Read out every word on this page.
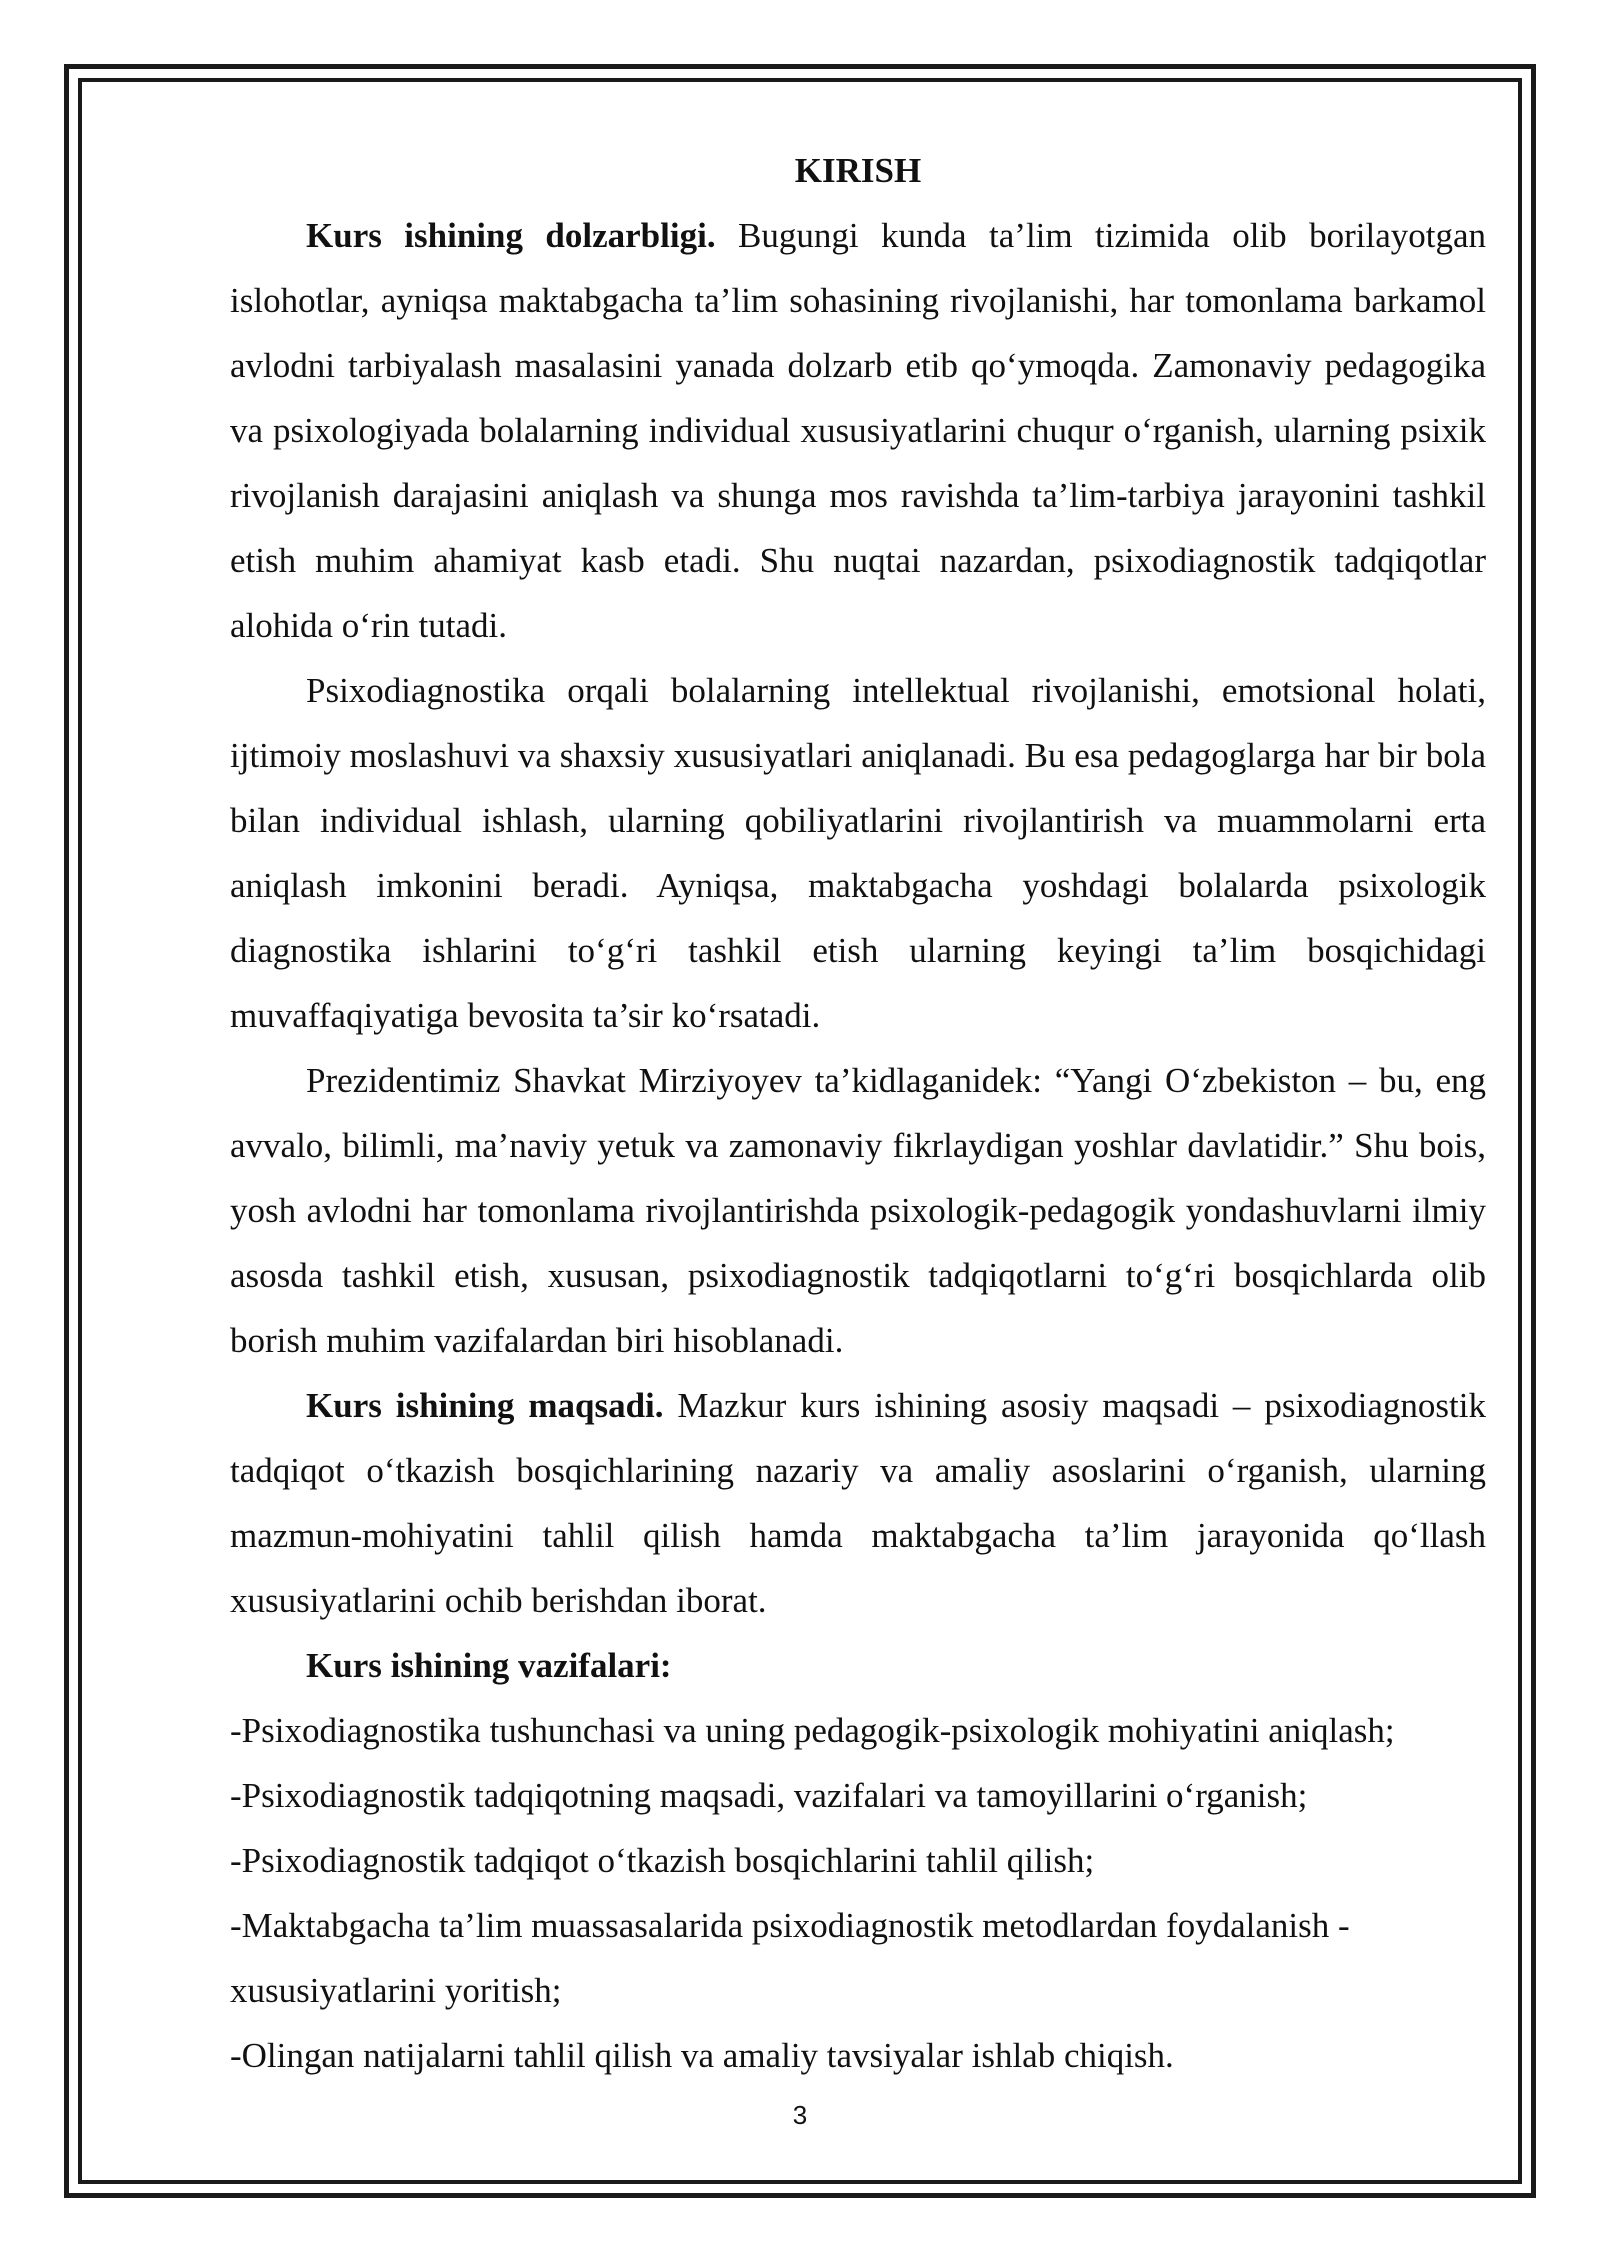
KIRISH

Kurs ishining dolzarbligi. Bugungi kunda ta’lim tizimida olib borilayotgan islohotlar, ayniqsa maktabgacha ta’lim sohasining rivojlanishi, har tomonlama barkamol avlodni tarbiyalash masalasini yanada dolzarb etib qo‘ymoqda. Zamonaviy pedagogika va psixologiyada bolalarning individual xususiyatlarini chuqur o‘rganish, ularning psixik rivojlanish darajasini aniqlash va shunga mos ravishda ta’lim-tarbiya jarayonini tashkil etish muhim ahamiyat kasb etadi. Shu nuqtai nazardan, psixodiagnostik tadqiqotlar alohida o‘rin tutadi.

Psixodiagnostika orqali bolalarning intellektual rivojlanishi, emotsional holati, ijtimoiy moslashuvi va shaxsiy xususiyatlari aniqlanadi. Bu esa pedagoglarga har bir bola bilan individual ishlash, ularning qobiliyatlarini rivojlantirish va muammolarni erta aniqlash imkonini beradi. Ayniqsa, maktabgacha yoshdagi bolalarda psixologik diagnostika ishlarini to‘g‘ri tashkil etish ularning keyingi ta’lim bosqichidagi muvaffaqiyatiga bevosita ta’sir ko‘rsatadi.

Prezidentimiz Shavkat Mirziyoyev ta’kidlaganidek: “Yangi O‘zbekiston – bu, eng avvalo, bilimli, ma’naviy yetuk va zamonaviy fikrlaydigan yoshlar davlatidir.” Shu bois, yosh avlodni har tomonlama rivojlantirishda psixologik-pedagogik yondashuvlarni ilmiy asosda tashkil etish, xususan, psixodiagnostik tadqiqotlarni to‘g‘ri bosqichlarda olib borish muhim vazifalardan biri hisoblanadi.

Kurs ishining maqsadi. Mazkur kurs ishining asosiy maqsadi – psixodiagnostik tadqiqot o‘tkazish bosqichlarining nazariy va amaliy asoslarini o‘rganish, ularning mazmun-mohiyatini tahlil qilish hamda maktabgacha ta’lim jarayonida qo‘llash xususiyatlarini ochib berishdan iborat.

Kurs ishining vazifalari:

-Psixodiagnostika tushunchasi va uning pedagogik-psixologik mohiyatini aniqlash;
-Psixodiagnostik tadqiqotning maqsadi, vazifalari va tamoyillarini o‘rganish;
-Psixodiagnostik tadqiqot o‘tkazish bosqichlarini tahlil qilish;
-Maktabgacha ta’lim muassasalarida psixodiagnostik metodlardan foydalanish - xususiyatlarini yoritish;
-Olingan natijalarni tahlil qilish va amaliy tavsiyalar ishlab chiqish.
3
